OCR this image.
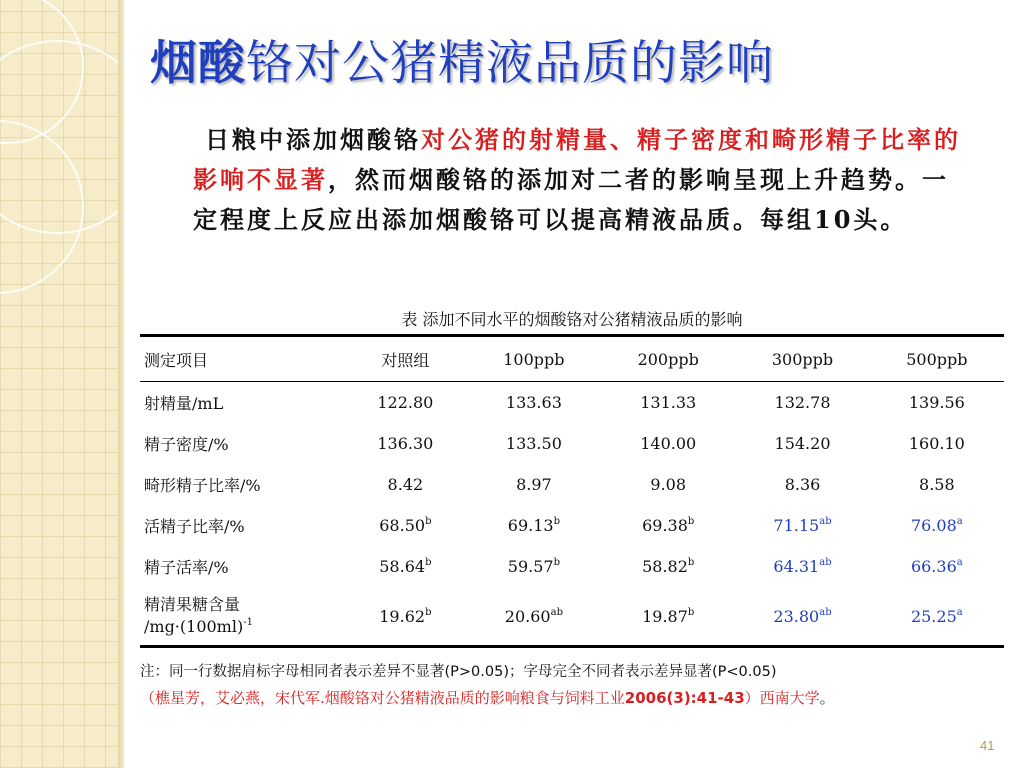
烟酸铬对公猪精液品质的影响
日粮中添加烟酸铬对公猪的射精量、精子密度和畸形精子比率的影响不显著，然而烟酸铬的添加对二者的影响呈现上升趋势。一定程度上反应出添加烟酸铬可以提高精液品质。每组10头。
表 添加不同水平的烟酸铬对公猪精液品质的影响
测定项目	对照组	100ppb	200ppb	300ppb	500ppb
射精量/mL	122.80	133.63	131.33	132.78	139.56
精子密度/%	136.30	133.50	140.00	154.20	160.10
畸形精子比率/%	8.42	8.97	9.08	8.36	8.58
活精子比率/%	68.50$^b$	69.13$^b$	69.38$^b$	71.15$^{ab}$	76.08$^a$
精子活率/%	58.64$^b$	59.57$^b$	58.82$^b$	64.31$^{ab}$	66.36$^a$
精清果糖含量
$/mg\cdot(100ml)^{-1}$	19.62$^b$	20.60$^{ab}$	19.87$^b$	23.80$^{ab}$	25.25$^a$
注：同一行数据肩标字母相同者表示差异不显著(P>0.05)；字母完全不同者表示差异显著(P<0.05)
（樵星芳，艾必燕，宋代军.烟酸铬对公猪精液品质的影响粮食与饲料工业2006(3):41-43）西南大学。
41
